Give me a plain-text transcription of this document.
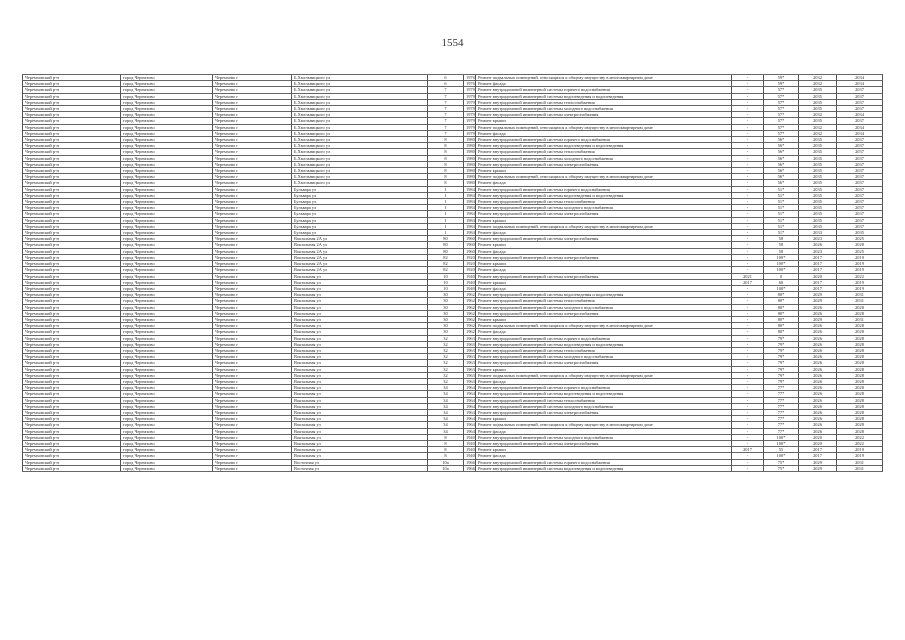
1554
Черемховский р-н	город Черемхово	Черемхово г	Б.Хмельницкого ул	6	1976	Ремонт подвальных помещений, относящихся к общему имуществу в многоквартирном доме	-	59*	2032	2034
Черемховский р-н	город Черемхово	Черемхово г	Б.Хмельницкого ул	6	1976	Ремонт фасада	-	59*	2032	2034
Черемховский р-н	город Черемхово	Черемхово г	Б.Хмельницкого ул	7	1979	Ремонт внутридомовой инженерной системы горячего водоснабжения	-	57*	2035	2037
Черемховский р-н	город Черемхово	Черемхово г	Б.Хмельницкого ул	7	1979	Ремонт внутридомовой инженерной системы водоотведения и водоотведения	-	57*	2035	2037
Черемховский р-н	город Черемхово	Черемхово г	Б.Хмельницкого ул	7	1979	Ремонт внутридомовой инженерной системы теплоснабжения	-	57*	2035	2037
Черемховский р-н	город Черемхово	Черемхово г	Б.Хмельницкого ул	7	1979	Ремонт внутридомовой инженерной системы холодного водоснабжения	-	57*	2035	2037
Черемховский р-н	город Черемхово	Черемхово г	Б.Хмельницкого ул	7	1979	Ремонт внутридомовой инженерной системы электроснабжения	-	57*	2032	2034
Черемховский р-н	город Черемхово	Черемхово г	Б.Хмельницкого ул	7	1979	Ремонт крыши	-	57*	2035	2037
Черемховский р-н	город Черемхово	Черемхово г	Б.Хмельницкого ул	7	1979	Ремонт подвальных помещений, относящихся к общему имуществу в многоквартирном доме	-	57*	2032	2034
Черемховский р-н	город Черемхово	Черемхово г	Б.Хмельницкого ул	7	1979	Ремонт фасада	-	57*	2032	2034
Черемховский р-н	город Черемхово	Черемхово г	Б.Хмельницкого ул	8	1980	Ремонт внутридомовой инженерной системы горячего водоснабжения	-	56*	2035	2037
Черемховский р-н	город Черемхово	Черемхово г	Б.Хмельницкого ул	8	1980	Ремонт внутридомовой инженерной системы водоотведения и водоотведения	-	56*	2035	2037
Черемховский р-н	город Черемхово	Черемхово г	Б.Хмельницкого ул	8	1980	Ремонт внутридомовой инженерной системы теплоснабжения	-	56*	2035	2037
Черемховский р-н	город Черемхово	Черемхово г	Б.Хмельницкого ул	8	1980	Ремонт внутридомовой инженерной системы холодного водоснабжения	-	56*	2035	2037
Черемховский р-н	город Черемхово	Черемхово г	Б.Хмельницкого ул	8	1980	Ремонт внутридомовой инженерной системы электроснабжения	-	56*	2035	2037
Черемховский р-н	город Черемхово	Черемхово г	Б.Хмельницкого ул	8	1980	Ремонт крыши	-	56*	2035	2037
Черемховский р-н	город Черемхово	Черемхово г	Б.Хмельницкого ул	8	1980	Ремонт подвальных помещений, относящихся к общему имуществу в многоквартирном доме	-	56*	2035	2037
Черемховский р-н	город Черемхово	Черемхово г	Б.Хмельницкого ул	8	1980	Ремонт фасада	-	56*	2035	2037
Черемховский р-н	город Черемхово	Черемхово г	Бульвара ул	1	1984	Ремонт внутридомовой инженерной системы горячего водоснабжения	-	51*	2035	2037
Черемховский р-н	город Черемхово	Черемхово г	Бульвара ул	1	1984	Ремонт внутридомовой инженерной системы водоотведения и водоотведения	-	51*	2035	2037
Черемховский р-н	город Черемхово	Черемхово г	Бульвара ул	1	1984	Ремонт внутридомовой инженерной системы теплоснабжения	-	51*	2035	2037
Черемховский р-н	город Черемхово	Черемхово г	Бульвара ул	1	1984	Ремонт внутридомовой инженерной системы холодного водоснабжения	-	51*	2035	2037
Черемховский р-н	город Черемхово	Черемхово г	Бульвара ул	1	1984	Ремонт внутридомовой инженерной системы электроснабжения	-	51*	2035	2037
Черемховский р-н	город Черемхово	Черемхово г	Бульвара ул	1	1984	Ремонт крыши	-	51*	2035	2037
Черемховский р-н	город Черемхово	Черемхово г	Бульвара ул	1	1984	Ремонт подвальных помещений, относящихся к общему имуществу в многоквартирном доме	-	51*	2035	2037
Черемховский р-н	город Черемхово	Черемхово г	Бульвара ул	1	1984	Ремонт фасада	-	51*	2033	2035
Черемховский р-н	город Черемхово	Черемхово г	Вокзальная 2А ул	80	1960	Ремонт внутридомовой инженерной системы электроснабжения	-	58	2023	2025
Черемховский р-н	город Черемхово	Черемхово г	Вокзальная 2А ул	80	1960	Ремонт крыши	-	58	2026	2028
Черемховский р-н	город Черемхово	Черемхово г	Вокзальная 2А ул	80	1960	Ремонт фасада	-	58	2023	2025
Черемховский р-н	город Черемхово	Черемхово г	Вокзальная 2А ул	82	1920	Ремонт внутридомовой инженерной системы электроснабжения	-	100*	2017	2019
Черемховский р-н	город Черемхово	Черемхово г	Вокзальная 2А ул	82	1920	Ремонт крыши	-	100*	2017	2019
Черемховский р-н	город Черемхово	Черемхово г	Вокзальная 2А ул	82	1920	Ремонт фасада	-	100*	2017	2019
Черемховский р-н	город Черемхово	Черемхово г	Вокзальная ул	10	1940	Ремонт внутридомовой инженерной системы электроснабжения	2021	0	2020	2022
Черемховский р-н	город Черемхово	Черемхово г	Вокзальная ул	10	1940	Ремонт крыши	2017	60	2017	2019
Черемховский р-н	город Черемхово	Черемхово г	Вокзальная ул	10	1940	Ремонт фасада	-	100*	2017	2019
Черемховский р-н	город Черемхово	Черемхово г	Вокзальная ул	30	1962	Ремонт внутридомовой инженерной системы водоотведения и водоотведения	-	80*	2029	2031
Черемховский р-н	город Черемхово	Черемхово г	Вокзальная ул	30	1962	Ремонт внутридомовой инженерной системы теплоснабжения	-	80*	2029	2031
Черемховский р-н	город Черемхово	Черемхово г	Вокзальная ул	30	1962	Ремонт внутридомовой инженерной системы холодного водоснабжения	-	80*	2026	2028
Черемховский р-н	город Черемхово	Черемхово г	Вокзальная ул	30	1962	Ремонт внутридомовой инженерной системы электроснабжения	-	80*	2026	2028
Черемховский р-н	город Черемхово	Черемхово г	Вокзальная ул	30	1962	Ремонт крыши	-	80*	2029	2031
Черемховский р-н	город Черемхово	Черемхово г	Вокзальная ул	30	1962	Ремонт подвальных помещений, относящихся к общему имуществу в многоквартирном доме	-	80*	2026	2028
Черемховский р-н	город Черемхово	Черемхово г	Вокзальная ул	30	1962	Ремонт фасада	-	80*	2026	2028
Черемховский р-н	город Черемхово	Черемхово г	Вокзальная ул	32	1963	Ремонт внутридомовой инженерной системы горячего водоснабжения	-	79*	2026	2028
Черемховский р-н	город Черемхово	Черемхово г	Вокзальная ул	32	1963	Ремонт внутридомовой инженерной системы водоотведения и водоотведения	-	79*	2026	2028
Черемховский р-н	город Черемхово	Черемхово г	Вокзальная ул	32	1963	Ремонт внутридомовой инженерной системы теплоснабжения	-	79*	2026	2028
Черемховский р-н	город Черемхово	Черемхово г	Вокзальная ул	32	1963	Ремонт внутридомовой инженерной системы холодного водоснабжения	-	79*	2026	2028
Черемховский р-н	город Черемхово	Черемхово г	Вокзальная ул	32	1963	Ремонт внутридомовой инженерной системы электроснабжения	-	79*	2026	2028
Черемховский р-н	город Черемхово	Черемхово г	Вокзальная ул	32	1963	Ремонт крыши	-	79*	2026	2028
Черемховский р-н	город Черемхово	Черемхово г	Вокзальная ул	32	1963	Ремонт подвальных помещений, относящихся к общему имуществу в многоквартирном доме	-	79*	2026	2028
Черемховский р-н	город Черемхово	Черемхово г	Вокзальная ул	32	1963	Ремонт фасада	-	79*	2026	2028
Черемховский р-н	город Черемхово	Черемхово г	Вокзальная ул	34	1964	Ремонт внутридомовой инженерной системы горячего водоснабжения	-	77*	2026	2028
Черемховский р-н	город Черемхово	Черемхово г	Вокзальная ул	34	1964	Ремонт внутридомовой инженерной системы водоотведения и водоотведения	-	77*	2026	2028
Черемховский р-н	город Черемхово	Черемхово г	Вокзальная ул	34	1964	Ремонт внутридомовой инженерной системы теплоснабжения	-	77*	2026	2028
Черемховский р-н	город Черемхово	Черемхово г	Вокзальная ул	34	1964	Ремонт внутридомовой инженерной системы холодного водоснабжения	-	77*	2026	2028
Черемховский р-н	город Черемхово	Черемхово г	Вокзальная ул	34	1964	Ремонт внутридомовой инженерной системы электроснабжения	-	77*	2026	2028
Черемховский р-н	город Черемхово	Черемхово г	Вокзальная ул	34	1964	Ремонт крыши	-	77*	2026	2028
Черемховский р-н	город Черемхово	Черемхово г	Вокзальная ул	34	1964	Ремонт подвальных помещений, относящихся к общему имуществу в многоквартирном доме	-	77*	2026	2028
Черемховский р-н	город Черемхово	Черемхово г	Вокзальная ул	34	1964	Ремонт фасада	-	77*	2026	2028
Черемховский р-н	город Черемхово	Черемхово г	Вокзальная ул	8	1940	Ремонт внутридомовой инженерной системы холодного водоснабжения	-	100*	2020	2022
Черемховский р-н	город Черемхово	Черемхово г	Вокзальная ул	8	1940	Ремонт внутридомовой инженерной системы электроснабжения	-	100*	2020	2022
Черемховский р-н	город Черемхово	Черемхово г	Вокзальная ул	8	1940	Ремонт крыши	2017	55	2017	2019
Черемховский р-н	город Черемхово	Черемхово г	Вокзальная ул	8	1940	Ремонт фасада	-	100*	2017	2019
Черемховский р-н	город Черемхово	Черемхово г	Восточная ул	10а	1966	Ремонт внутридомовой инженерной системы горячего водоснабжения	-	75*	2029	2031
Черемховский р-н	город Черемхово	Черемхово г	Восточная ул	10а	1966	Ремонт внутридомовой инженерной системы водоотведения и водоотведения	-	75*	2029	2031
